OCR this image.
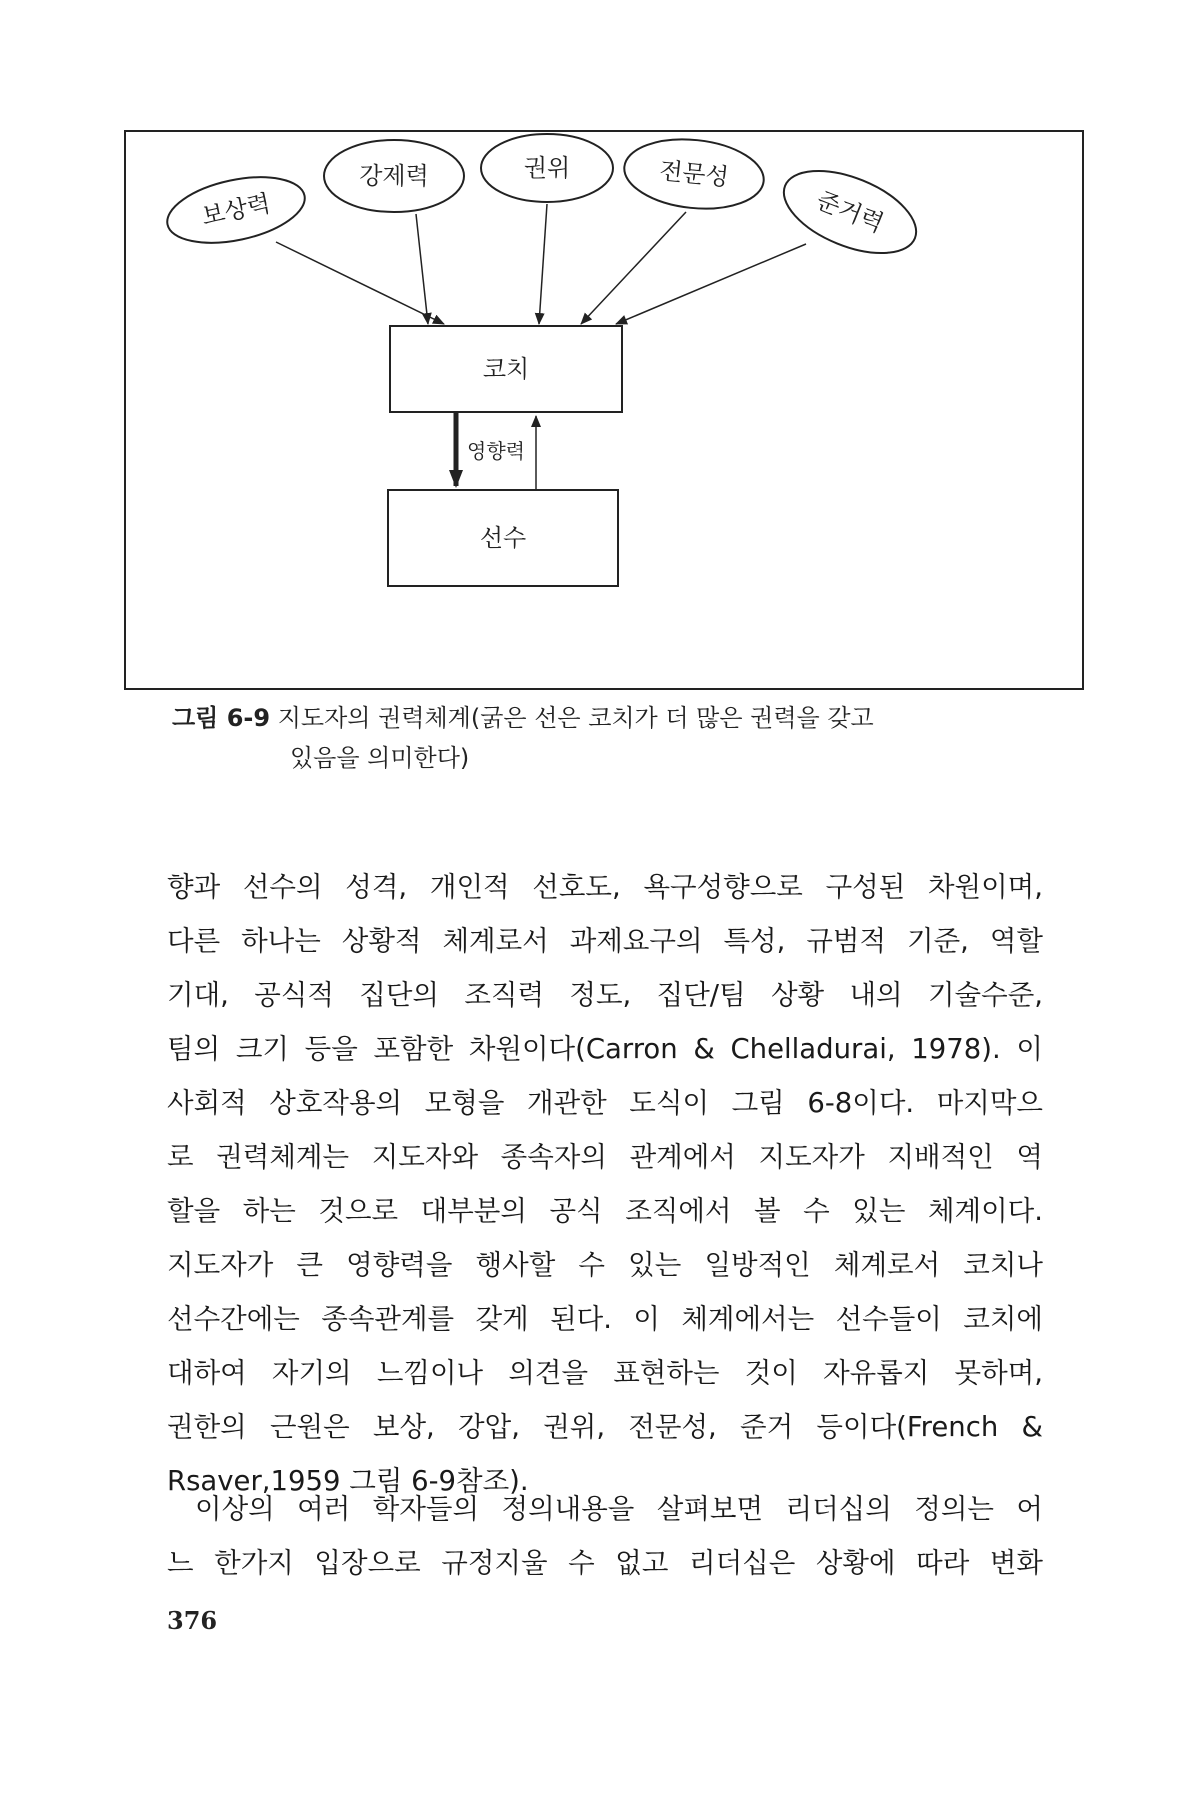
보상력
강제력	권위	전문성
준거력
코치
영향력
선수
그림 6-9 지도자의 권력체계(굵은 선은 코치가 더 많은 권력을 갖고
있음을 의미한다)
향과 선수의 성격, 개인적 선호도, 욕구성향으로 구성된 차원이며,
다른 하나는 상황적 체계로서 과제요구의 특성, 규범적 기준, 역할
기대, 공식적 집단의 조직력 정도, 집단/팀 상황 내의 기술수준,
팀의 크기 등을 포함한 차원이다(Carron & Chelladurai, 1978). 이
사회적 상호작용의 모형을 개관한 도식이 그림 6-8이다. 마지막으
로 권력체계는 지도자와 종속자의 관계에서 지도자가 지배적인 역
할을 하는 것으로 대부분의 공식 조직에서 볼 수 있는 체계이다.
지도자가 큰 영향력을 행사할 수 있는 일방적인 체계로서 코치나
선수간에는 종속관계를 갖게 된다. 이 체계에서는 선수들이 코치에
대하여 자기의 느낌이나 의견을 표현하는 것이 자유롭지 못하며,
권한의 근원은 보상, 강압, 권위, 전문성, 준거 등이다(French &
Rsaver,1959 그림 6-9참조).
이상의 여러 학자들의 정의내용을 살펴보면 리더십의 정의는 어
느 한가지 입장으로 규정지울 수 없고 리더십은 상황에 따라 변화
376
